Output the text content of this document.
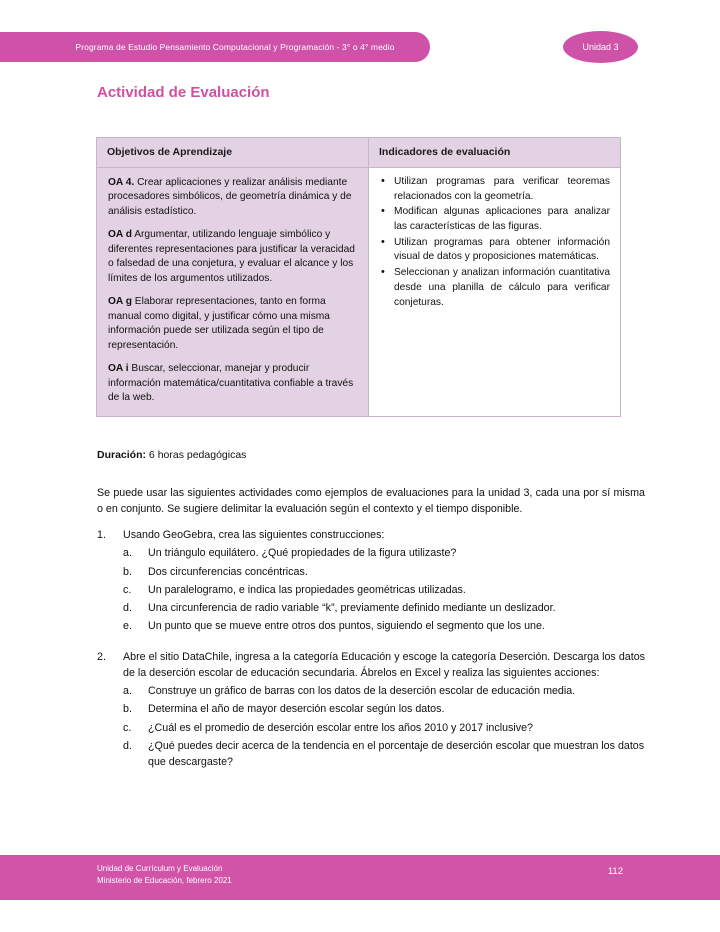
Programa de Estudio Pensamiento Computacional y Programación - 3° o 4° medio	Unidad 3
Actividad de Evaluación
Objetivos de Aprendizaje	Indicadores de evaluación

OA 4. Crear aplicaciones y realizar análisis mediante procesadores simbólicos, de geometría dinámica y de análisis estadístico.

OA d Argumentar, utilizando lenguaje simbólico y diferentes representaciones para justificar la veracidad o falsedad de una conjetura, y evaluar el alcance y los límites de los argumentos utilizados.

OA g Elaborar representaciones, tanto en forma manual como digital, y justificar cómo una misma información puede ser utilizada según el tipo de representación.

OA i Buscar, seleccionar, manejar y producir información matemática/cuantitativa confiable a través de la web.

• Utilizan programas para verificar teoremas relacionados con la geometría.
• Modifican algunas aplicaciones para analizar las características de las figuras.
• Utilizan programas para obtener información visual de datos y proposiciones matemáticas.
• Seleccionan y analizan información cuantitativa desde una planilla de cálculo para verificar conjeturas.
Duración: 6 horas pedagógicas
Se puede usar las siguientes actividades como ejemplos de evaluaciones para la unidad 3, cada una por sí misma o en conjunto. Se sugiere delimitar la evaluación según el contexto y el tiempo disponible.
1.	Usando GeoGebra, crea las siguientes construcciones:
a.	Un triángulo equilátero. ¿Qué propiedades de la figura utilizaste?
b.	Dos circunferencias concéntricas.
c.	Un paralelogramo, e indica las propiedades geométricas utilizadas.
d.	Una circunferencia de radio variable “k”, previamente definido mediante un deslizador.
e.	Un punto que se mueve entre otros dos puntos, siguiendo el segmento que los une.
2.	Abre el sitio DataChile, ingresa a la categoría Educación y escoge la categoría Deserción. Descarga los datos de la deserción escolar de educación secundaria. Ábrelos en Excel y realiza las siguientes acciones:
a.	Construye un gráfico de barras con los datos de la deserción escolar de educación media.
b.	Determina el año de mayor deserción escolar según los datos.
c.	¿Cuál es el promedio de deserción escolar entre los años 2010 y 2017 inclusive?
d.	¿Qué puedes decir acerca de la tendencia en el porcentaje de deserción escolar que muestran los datos que descargaste?
Unidad de Currículum y Evaluación
Ministerio de Educación, febrero 2021
112
